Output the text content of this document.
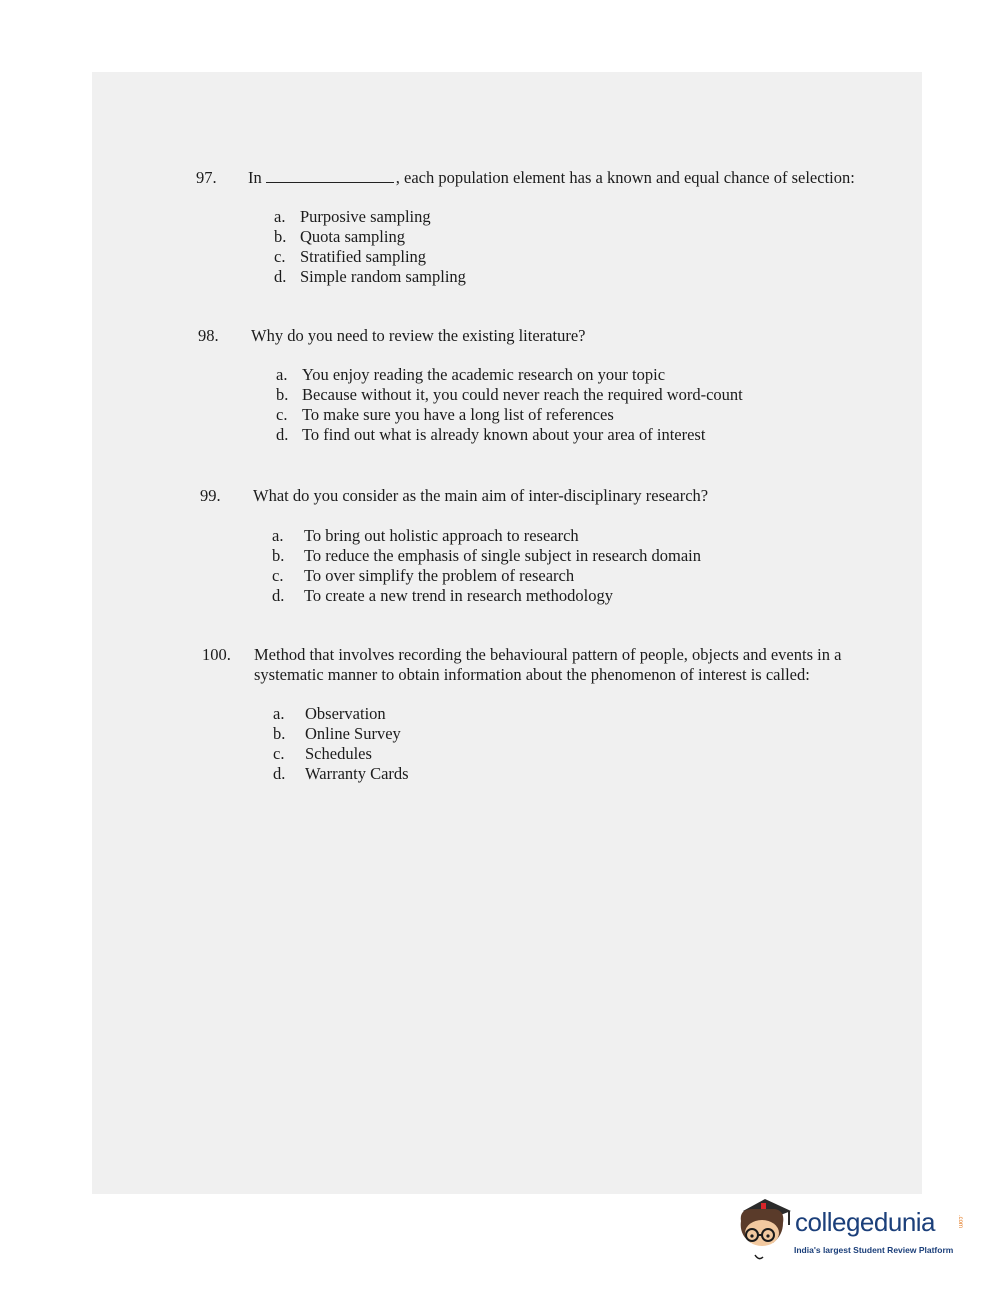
97. In	, each population element has a known and equal chance of selection:
a. Purposive sampling
b. Quota sampling
c. Stratified sampling
d. Simple random sampling
98. Why do you need to review the existing literature?
a. You enjoy reading the academic research on your topic
b. Because without it, you could never reach the required word-count
c. To make sure you have a long list of references
d. To find out what is already known about your area of interest
99. What do you consider as the main aim of inter-disciplinary research?
a. To bring out holistic approach to research
b. To reduce the emphasis of single subject in research domain
c. To over simplify the problem of research
d. To create a new trend in research methodology
100. Method that involves recording the behavioural pattern of people, objects and events in a
systematic manner to obtain information about the phenomenon of interest is called:
a. Observation
b. Online Survey
c. Schedules
d. Warranty Cards
collegedunia	.com
India's largest Student Review Platform
